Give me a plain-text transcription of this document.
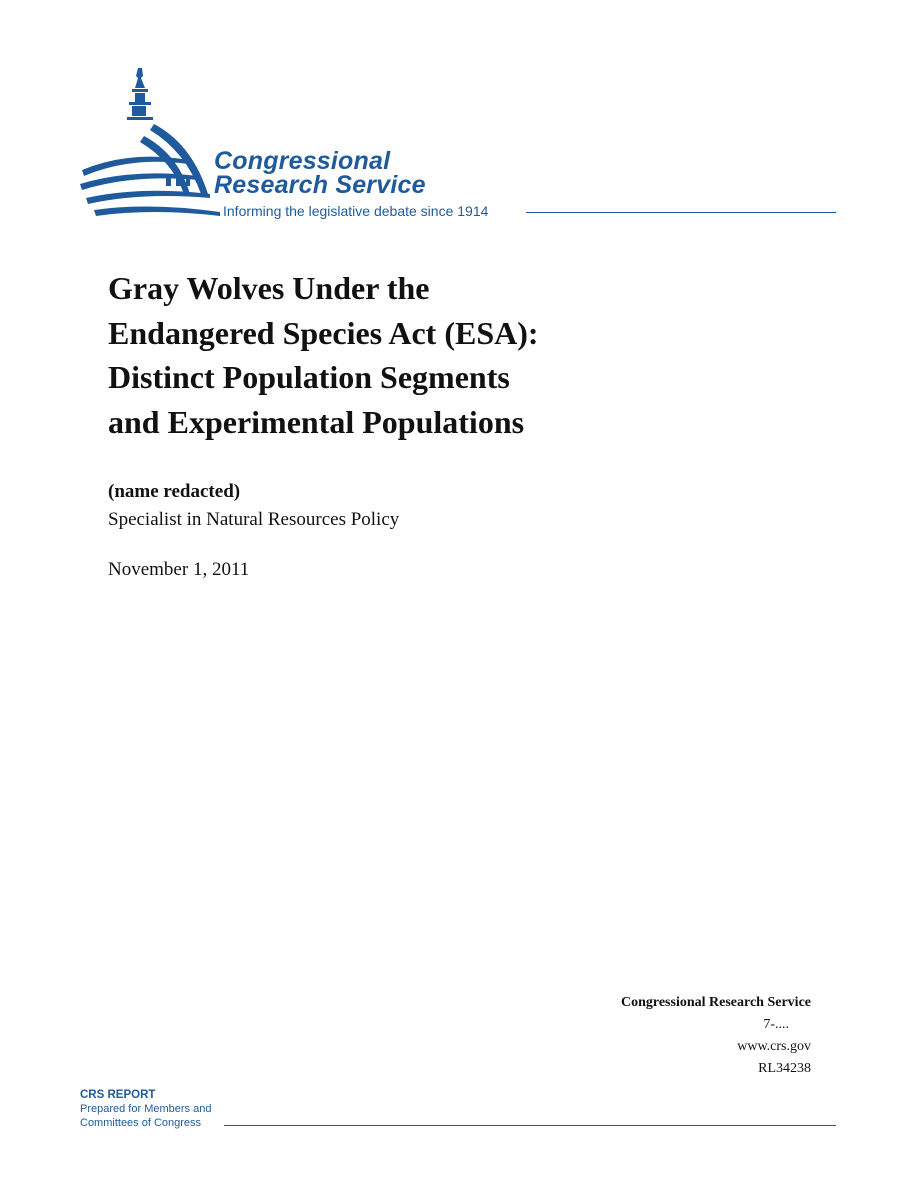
Congressional
Research Service
Informing the legislative debate since 1914
Gray Wolves Under the
Endangered Species Act (ESA):
Distinct Population Segments
and Experimental Populations

(name redacted)

Specialist in Natural Resources Policy

November 1, 2011

Congressional Research Service
7-....
www.crs.gov
RL34238
CRS REPORT
Prepared for Members and
Committees of Congress
